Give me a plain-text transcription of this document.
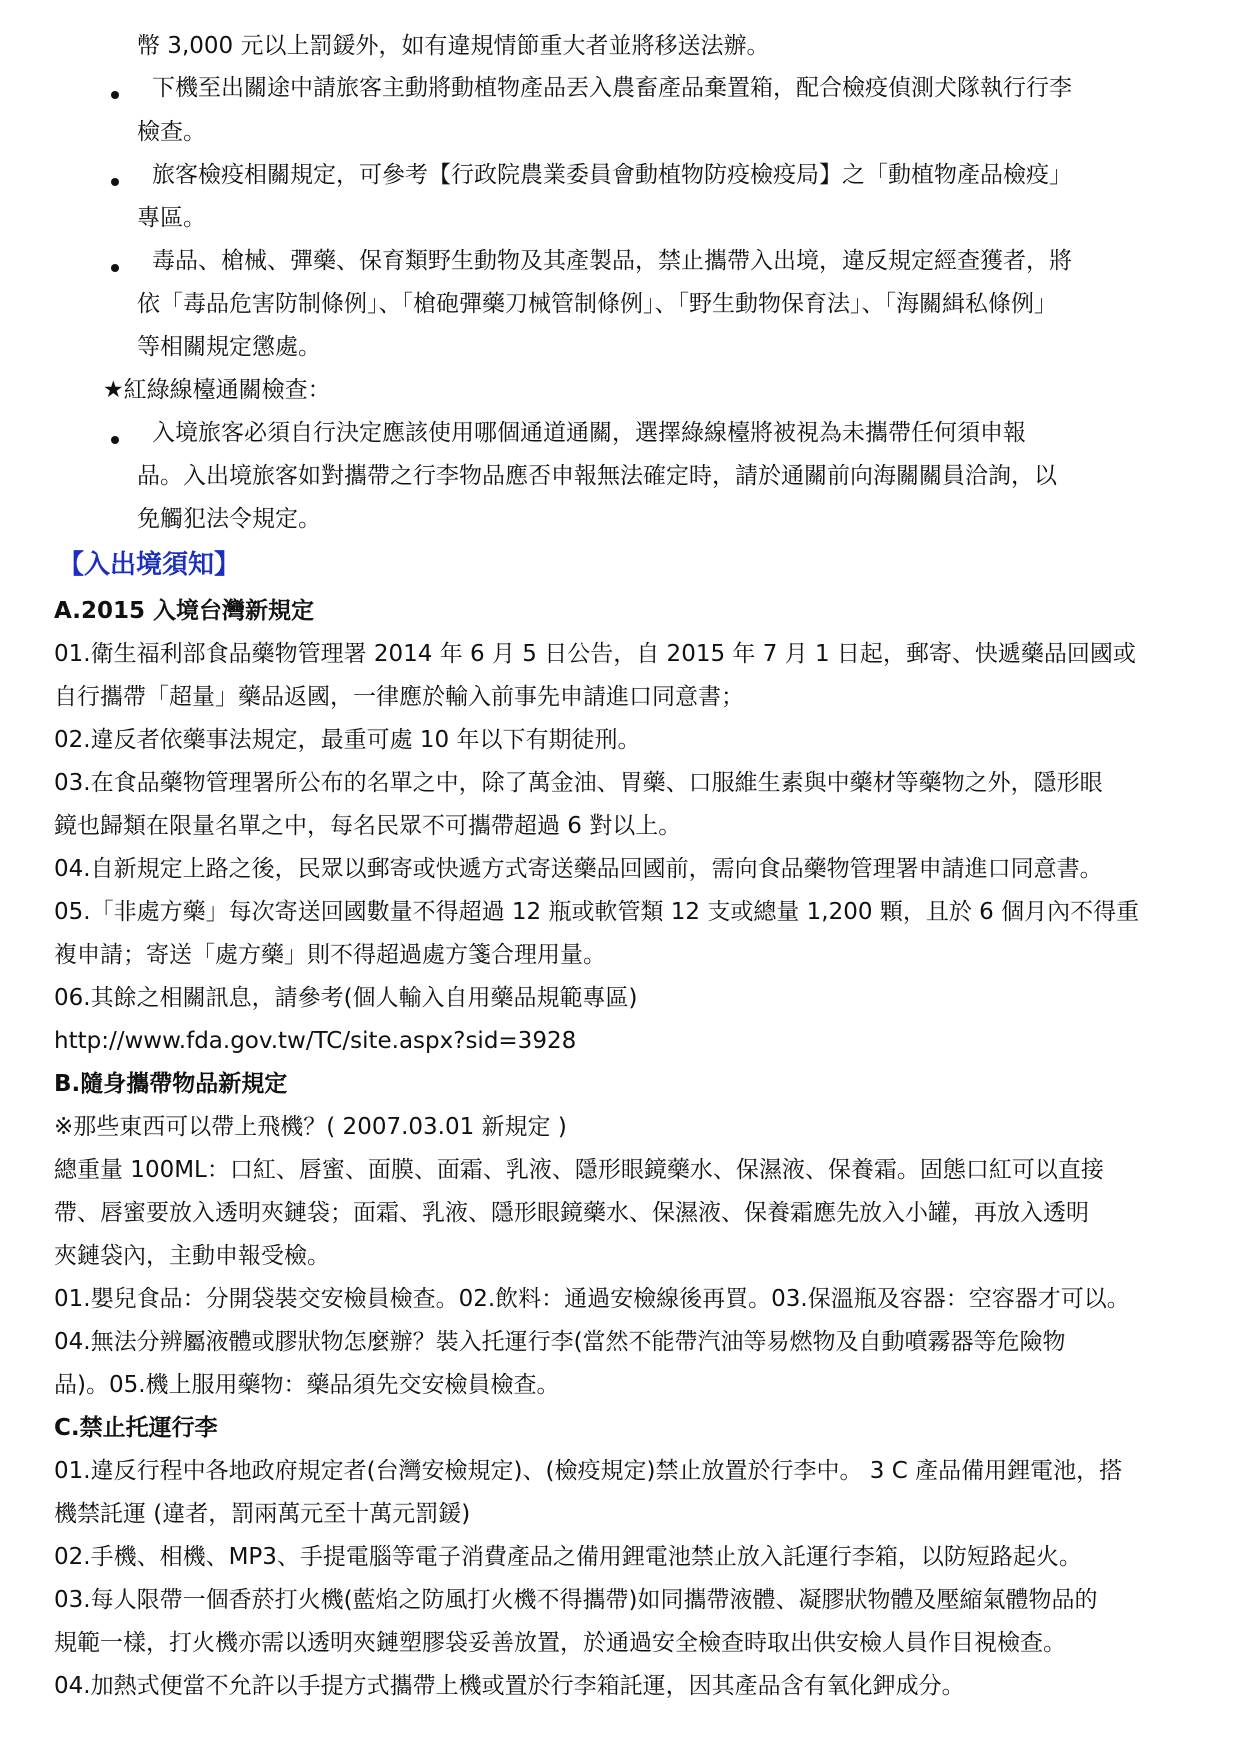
幣 3,000 元以上罰鍰外，如有違規情節重大者並將移送法辦。
下機至出關途中請旅客主動將動植物產品丟入農畜產品棄置箱，配合檢疫偵測犬隊執行行李
檢查。
旅客檢疫相關規定，可參考【行政院農業委員會動植物防疫檢疫局】之「動植物產品檢疫」
專區。
毒品、槍械、彈藥、保育類野生動物及其產製品，禁止攜帶入出境，違反規定經查獲者，將
依「毒品危害防制條例」、「槍砲彈藥刀械管制條例」、「野生動物保育法」、「海關緝私條例」
等相關規定懲處。
★紅綠線檯通關檢查：
入境旅客必須自行決定應該使用哪個通道通關，選擇綠線檯將被視為未攜帶任何須申報
品。入出境旅客如對攜帶之行李物品應否申報無法確定時，請於通關前向海關關員洽詢，以
免觸犯法令規定。
【入出境須知】
A.2015 入境台灣新規定
01.衛生福利部食品藥物管理署 2014 年 6 月 5 日公告，自 2015 年 7 月 1 日起，郵寄、快遞藥品回國或
自行攜帶「超量」藥品返國，一律應於輸入前事先申請進口同意書；
02.違反者依藥事法規定，最重可處 10 年以下有期徒刑。
03.在食品藥物管理署所公布的名單之中，除了萬金油、胃藥、口服維生素與中藥材等藥物之外，隱形眼
鏡也歸類在限量名單之中，每名民眾不可攜帶超過 6 對以上。
04.自新規定上路之後，民眾以郵寄或快遞方式寄送藥品回國前，需向食品藥物管理署申請進口同意書。
05.「非處方藥」每次寄送回國數量不得超過 12 瓶或軟管類 12 支或總量 1,200 顆，且於 6 個月內不得重
複申請；寄送「處方藥」則不得超過處方箋合理用量。
06.其餘之相關訊息，請參考(個人輸入自用藥品規範專區)
http://www.fda.gov.tw/TC/site.aspx?sid=3928
B.隨身攜帶物品新規定
※那些東西可以帶上飛機？( 2007.03.01 新規定 )
總重量 100ML：口紅、唇蜜、面膜、面霜、乳液、隱形眼鏡藥水、保濕液、保養霜。固態口紅可以直接
帶、唇蜜要放入透明夾鏈袋；面霜、乳液、隱形眼鏡藥水、保濕液、保養霜應先放入小罐，再放入透明
夾鏈袋內，主動申報受檢。
01.嬰兒食品：分開袋裝交安檢員檢查。02.飲料：通過安檢線後再買。03.保溫瓶及容器：空容器才可以。
04.無法分辨屬液體或膠狀物怎麼辦？裝入托運行李(當然不能帶汽油等易燃物及自動噴霧器等危險物
品)。05.機上服用藥物：藥品須先交安檢員檢查。
C.禁止托運行李
01.違反行程中各地政府規定者(台灣安檢規定)、(檢疫規定)禁止放置於行李中。 3 C 產品備用鋰電池，搭
機禁託運 (違者，罰兩萬元至十萬元罰鍰)
02.手機、相機、MP3、手提電腦等電子消費產品之備用鋰電池禁止放入託運行李箱，以防短路起火。
03.每人限帶一個香菸打火機(藍焰之防風打火機不得攜帶)如同攜帶液體、凝膠狀物體及壓縮氣體物品的
規範一樣，打火機亦需以透明夾鏈塑膠袋妥善放置，於通過安全檢查時取出供安檢人員作目視檢查。
04.加熱式便當不允許以手提方式攜帶上機或置於行李箱託運，因其產品含有氧化鉀成分。
